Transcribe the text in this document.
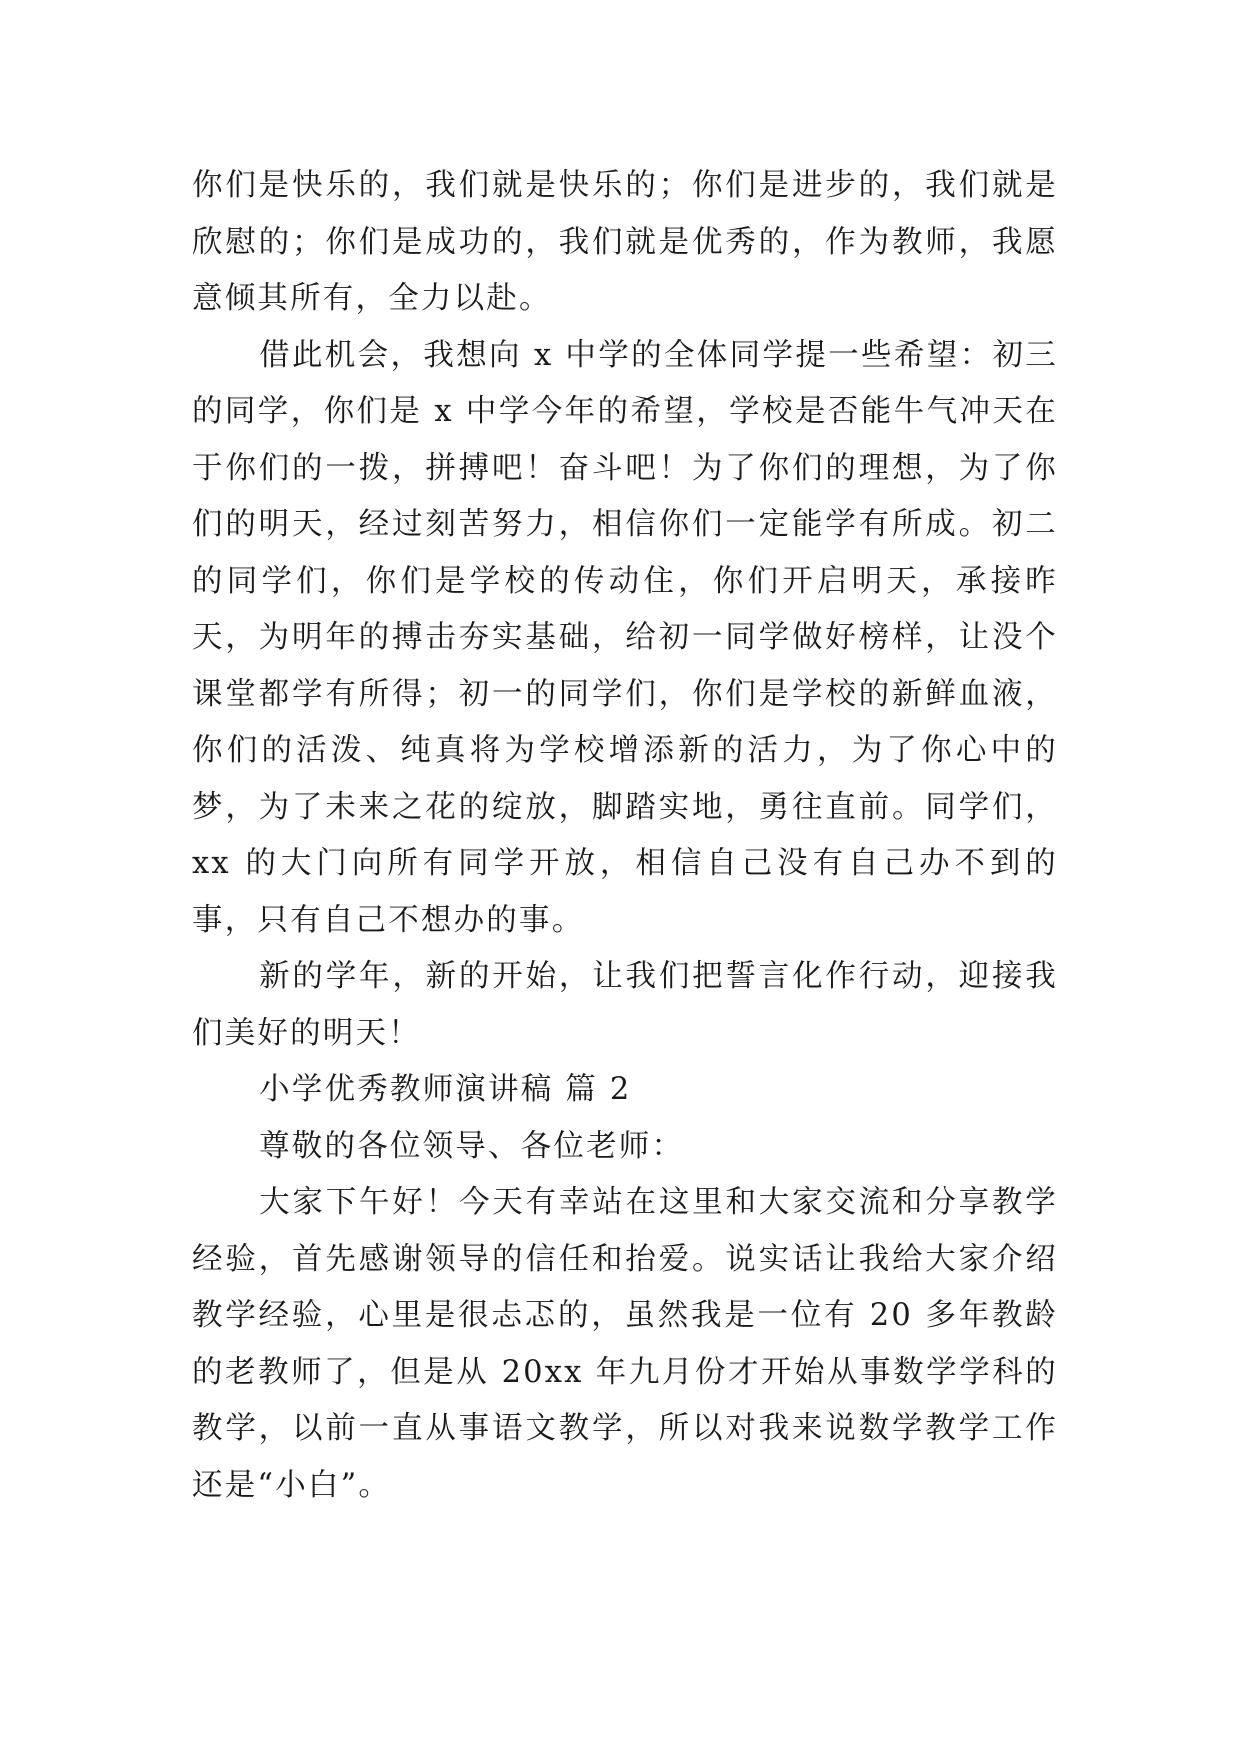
你们是快乐的，我们就是快乐的；你们是进步的，我们就是欣慰的；你们是成功的，我们就是优秀的，作为教师，我愿意倾其所有，全力以赴。

借此机会，我想向 x 中学的全体同学提一些希望：初三的同学，你们是 x 中学今年的希望，学校是否能牛气冲天在于你们的一拨，拼搏吧！奋斗吧！为了你们的理想，为了你们的明天，经过刻苦努力，相信你们一定能学有所成。初二的同学们，你们是学校的传动住，你们开启明天，承接昨天，为明年的搏击夯实基础，给初一同学做好榜样，让没个课堂都学有所得；初一的同学们，你们是学校的新鲜血液，你们的活泼、纯真将为学校增添新的活力，为了你心中的梦，为了未来之花的绽放，脚踏实地，勇往直前。同学们，xx 的大门向所有同学开放，相信自己没有自己办不到的事，只有自己不想办的事。

新的学年，新的开始，让我们把誓言化作行动，迎接我们美好的明天！

小学优秀教师演讲稿 篇 2

尊敬的各位领导、各位老师：

大家下午好！今天有幸站在这里和大家交流和分享教学经验，首先感谢领导的信任和抬爱。说实话让我给大家介绍教学经验，心里是很忐忑的，虽然我是一位有 20 多年教龄的老教师了，但是从 20xx 年九月份才开始从事数学学科的教学，以前一直从事语文教学，所以对我来说数学教学工作还是“小白”。
